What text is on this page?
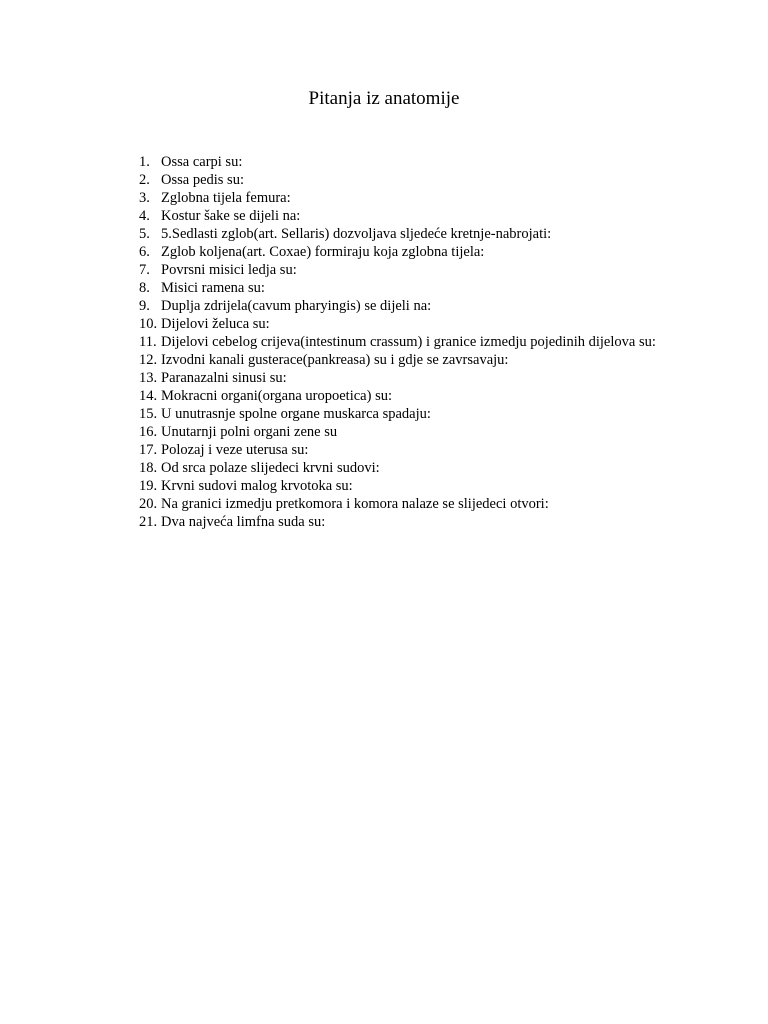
Pitanja iz anatomije
1. Ossa carpi su:
2. Ossa pedis su:
3. Zglobna tijela femura:
4. Kostur šake se dijeli na:
5. 5.Sedlasti zglob(art. Sellaris) dozvoljava sljedeće kretnje-nabrojati:
6. Zglob koljena(art. Coxae) formiraju koja zglobna tijela:
7. Povrsni misici ledja su:
8. Misici ramena su:
9. Duplja zdrijela(cavum pharyingis) se dijeli na:
10. Dijelovi želuca su:
11. Dijelovi cebelog crijeva(intestinum crassum) i granice izmedju pojedinih dijelova su:
12. Izvodni kanali gusterace(pankreasa) su i gdje se zavrsavaju:
13. Paranazalni sinusi su:
14. Mokracni organi(organa uropoetica) su:
15. U unutrasnje spolne organe muskarca spadaju:
16. Unutarnji polni organi zene su
17. Polozaj i veze uterusa su:
18. Od srca polaze slijedeci krvni sudovi:
19. Krvni sudovi malog krvotoka su:
20. Na granici izmedju pretkomora i komora nalaze se slijedeci otvori:
21. Dva najveća limfna suda su:
